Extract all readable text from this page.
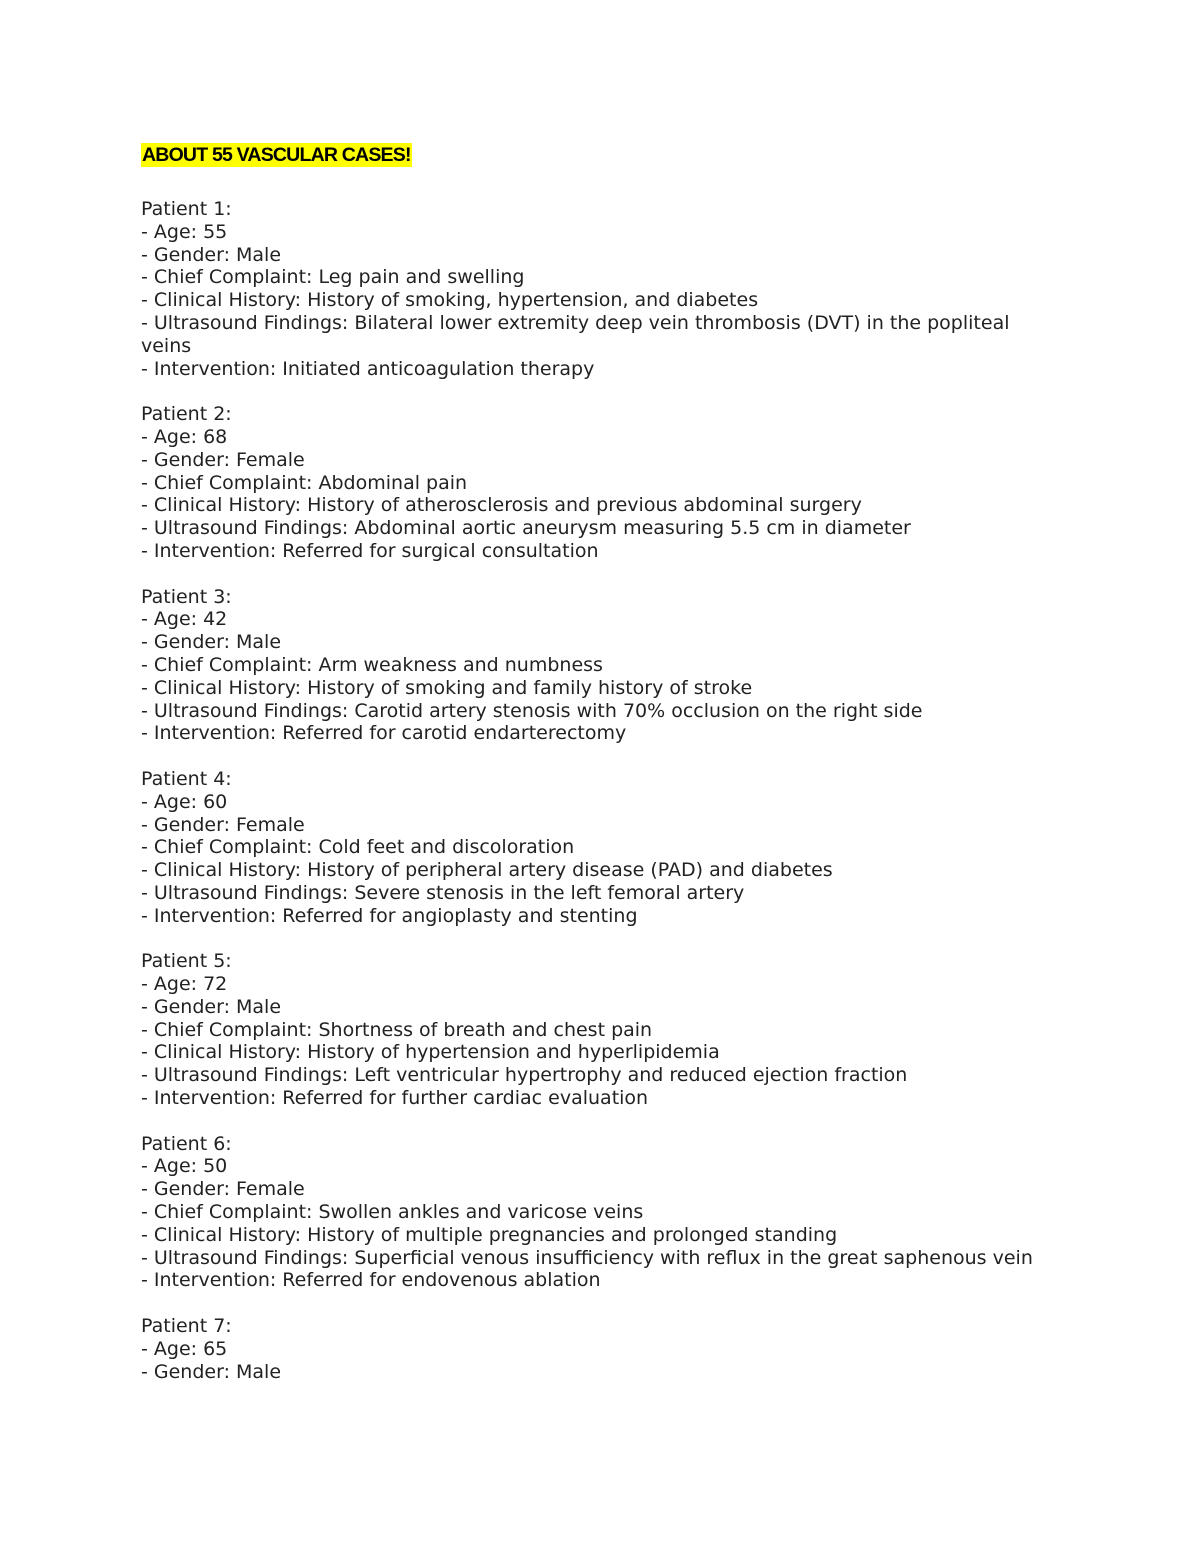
ABOUT 55 VASCULAR CASES!
Patient 1:
- Age: 55
- Gender: Male
- Chief Complaint: Leg pain and swelling
- Clinical History: History of smoking, hypertension, and diabetes
- Ultrasound Findings: Bilateral lower extremity deep vein thrombosis (DVT) in the popliteal veins
- Intervention: Initiated anticoagulation therapy
Patient 2:
- Age: 68
- Gender: Female
- Chief Complaint: Abdominal pain
- Clinical History: History of atherosclerosis and previous abdominal surgery
- Ultrasound Findings: Abdominal aortic aneurysm measuring 5.5 cm in diameter
- Intervention: Referred for surgical consultation
Patient 3:
- Age: 42
- Gender: Male
- Chief Complaint: Arm weakness and numbness
- Clinical History: History of smoking and family history of stroke
- Ultrasound Findings: Carotid artery stenosis with 70% occlusion on the right side
- Intervention: Referred for carotid endarterectomy
Patient 4:
- Age: 60
- Gender: Female
- Chief Complaint: Cold feet and discoloration
- Clinical History: History of peripheral artery disease (PAD) and diabetes
- Ultrasound Findings: Severe stenosis in the left femoral artery
- Intervention: Referred for angioplasty and stenting
Patient 5:
- Age: 72
- Gender: Male
- Chief Complaint: Shortness of breath and chest pain
- Clinical History: History of hypertension and hyperlipidemia
- Ultrasound Findings: Left ventricular hypertrophy and reduced ejection fraction
- Intervention: Referred for further cardiac evaluation
Patient 6:
- Age: 50
- Gender: Female
- Chief Complaint: Swollen ankles and varicose veins
- Clinical History: History of multiple pregnancies and prolonged standing
- Ultrasound Findings: Superficial venous insufficiency with reflux in the great saphenous vein
- Intervention: Referred for endovenous ablation
Patient 7:
- Age: 65
- Gender: Male
